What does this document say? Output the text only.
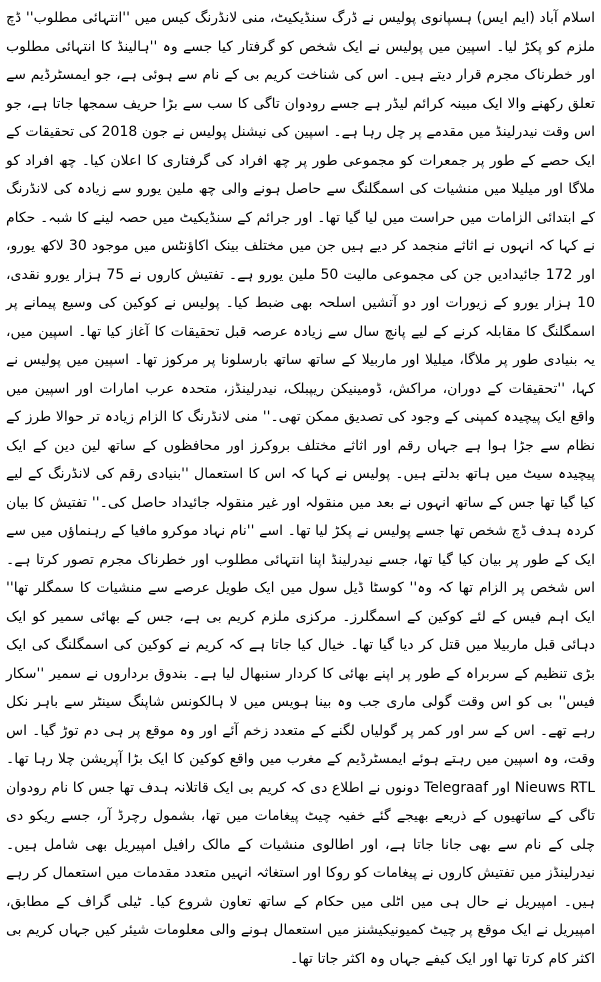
اسلام آباد (ایم ایس) ہسپانوی پولیس نے ڈرگ سنڈیکیٹ، منی لانڈرنگ کیس میں ''انتہائی مطلوب'' ڈچ ملزم کو پکڑ لیا۔ اسپین میں پولیس نے ایک شخص کو گرفتار کیا جسے وہ ''ہالینڈ کا انتہائی مطلوب اور خطرناک مجرم قرار دیتے ہیں۔ اس کی شناخت کریم بی کے نام سے ہوئی ہے، جو ایمسٹرڈیم سے تعلق رکھنے والا ایک مبینہ کرائم لیڈر ہے جسے رودوان تاگی کا سب سے بڑا حریف سمجھا جاتا ہے، جو اس وقت نیدرلینڈ میں مقدمے پر چل رہا ہے۔ اسپین کی نیشنل پولیس نے جون 2018 کی تحقیقات کے ایک حصے کے طور پر جمعرات کو مجموعی طور پر چھ افراد کی گرفتاری کا اعلان کیا۔ چھ افراد کو ملاگا اور میلیلا میں منشیات کی اسمگلنگ سے حاصل ہونے والی چھ ملین یورو سے زیادہ کی لانڈرنگ کے ابتدائی الزامات میں حراست میں لیا گیا تھا۔ اور جرائم کے سنڈیکیٹ میں حصہ لینے کا شبہ۔ حکام نے کہا کہ انہوں نے اثاثے منجمد کر دیے ہیں جن میں مختلف بینک اکاؤنٹس میں موجود 30 لاکھ یورو، اور 172 جائیدادیں جن کی مجموعی مالیت 50 ملین یورو ہے۔ تفتیش کاروں نے 75 ہزار یورو نقدی، 10 ہزار یورو کے زیورات اور دو آتشیں اسلحہ بھی ضبط کیا۔ پولیس نے کوکین کی وسیع پیمانے پر اسمگلنگ کا مقابلہ کرنے کے لیے پانچ سال سے زیادہ عرصہ قبل تحقیقات کا آغاز کیا تھا۔ اسپین میں، یہ بنیادی طور پر ملاگا، میلیلا اور ماربیلا کے ساتھ ساتھ بارسلونا پر مرکوز تھا۔ اسپین میں پولیس نے کہا، ''تحقیقات کے دوران، مراکش، ڈومینیکن ریپبلک، نیدرلینڈز، متحدہ عرب امارات اور اسپین میں واقع ایک پیچیدہ کمپنی کے وجود کی تصدیق ممکن تھی۔'' منی لانڈرنگ کا الزام زیادہ تر حوالا طرز کے نظام سے جڑا ہوا ہے جہاں رقم اور اثاثے مختلف بروکرز اور محافظوں کے ساتھ لین دین کے ایک پیچیدہ سیٹ میں ہاتھ بدلتے ہیں۔ پولیس نے کہا کہ اس کا استعمال ''بنیادی رقم کی لانڈرنگ کے لیے کیا گیا تھا جس کے ساتھ انہوں نے بعد میں منقولہ اور غیر منقولہ جائیداد حاصل کی۔'' تفتیش کا بیان کردہ ہدف ڈچ شخص تھا جسے پولیس نے پکڑ لیا تھا۔ اسے ''نام نہاد موکرو مافیا کے رہنماؤں میں سے ایک کے طور پر بیان کیا گیا تھا، جسے نیدرلینڈ اپنا انتہائی مطلوب اور خطرناک مجرم تصور کرتا ہے۔ اس شخص پر الزام تھا کہ وہ'' کوسٹا ڈیل سول میں ایک طویل عرصے سے منشیات کا سمگلر تھا'' ایک اہم فیس کے لئے کوکین کے اسمگلرز۔ مرکزی ملزم کریم بی ہے، جس کے بھائی سمیر کو ایک دہائی قبل ماربیلا میں قتل کر دیا گیا تھا۔ خیال کیا جاتا ہے کہ کریم نے کوکین کی اسمگلنگ کی ایک بڑی تنظیم کے سربراہ کے طور پر اپنے بھائی کا کردار سنبھال لیا ہے۔ بندوق برداروں نے سمیر ''سکار فیس'' بی کو اس وقت گولی ماری جب وہ بینا ہویس میں لا ہالکونس شاپنگ سینٹر سے باہر نکل رہے تھے۔ اس کے سر اور کمر پر گولیاں لگنے کے متعدد زخم آئے اور وہ موقع پر ہی دم توڑ گیا۔ اس وقت، وہ اسپین میں رہتے ہوئے ایمسٹرڈیم کے مغرب میں واقع کوکین کا ایک بڑا آپریشن چلا رہا تھا۔ Nieuws RTL اور Telegraaf دونوں نے اطلاع دی کہ کریم بی ایک قاتلانہ ہدف تھا جس کا نام رودوان تاگی کے ساتھیوں کے ذریعے بھیجے گئے خفیہ چیٹ پیغامات میں تھا، بشمول رچرڈ آر، جسے ریکو دی چلی کے نام سے بھی جانا جاتا ہے، اور اطالوی منشیات کے مالک رافیل امپیریل بھی شامل ہیں۔ نیدرلینڈز میں تفتیش کاروں نے پیغامات کو روکا اور استغاثہ انہیں متعدد مقدمات میں استعمال کر رہے ہیں۔ امپیریل نے حال ہی میں اٹلی میں حکام کے ساتھ تعاون شروع کیا۔ ٹیلی گراف کے مطابق، امپیریل نے ایک موقع پر چیٹ کمیونیکیشنز میں استعمال ہونے والی معلومات شیئر کیں جہاں کریم بی اکثر کام کرتا تھا اور ایک کیفے جہاں وہ اکثر جاتا تھا۔
